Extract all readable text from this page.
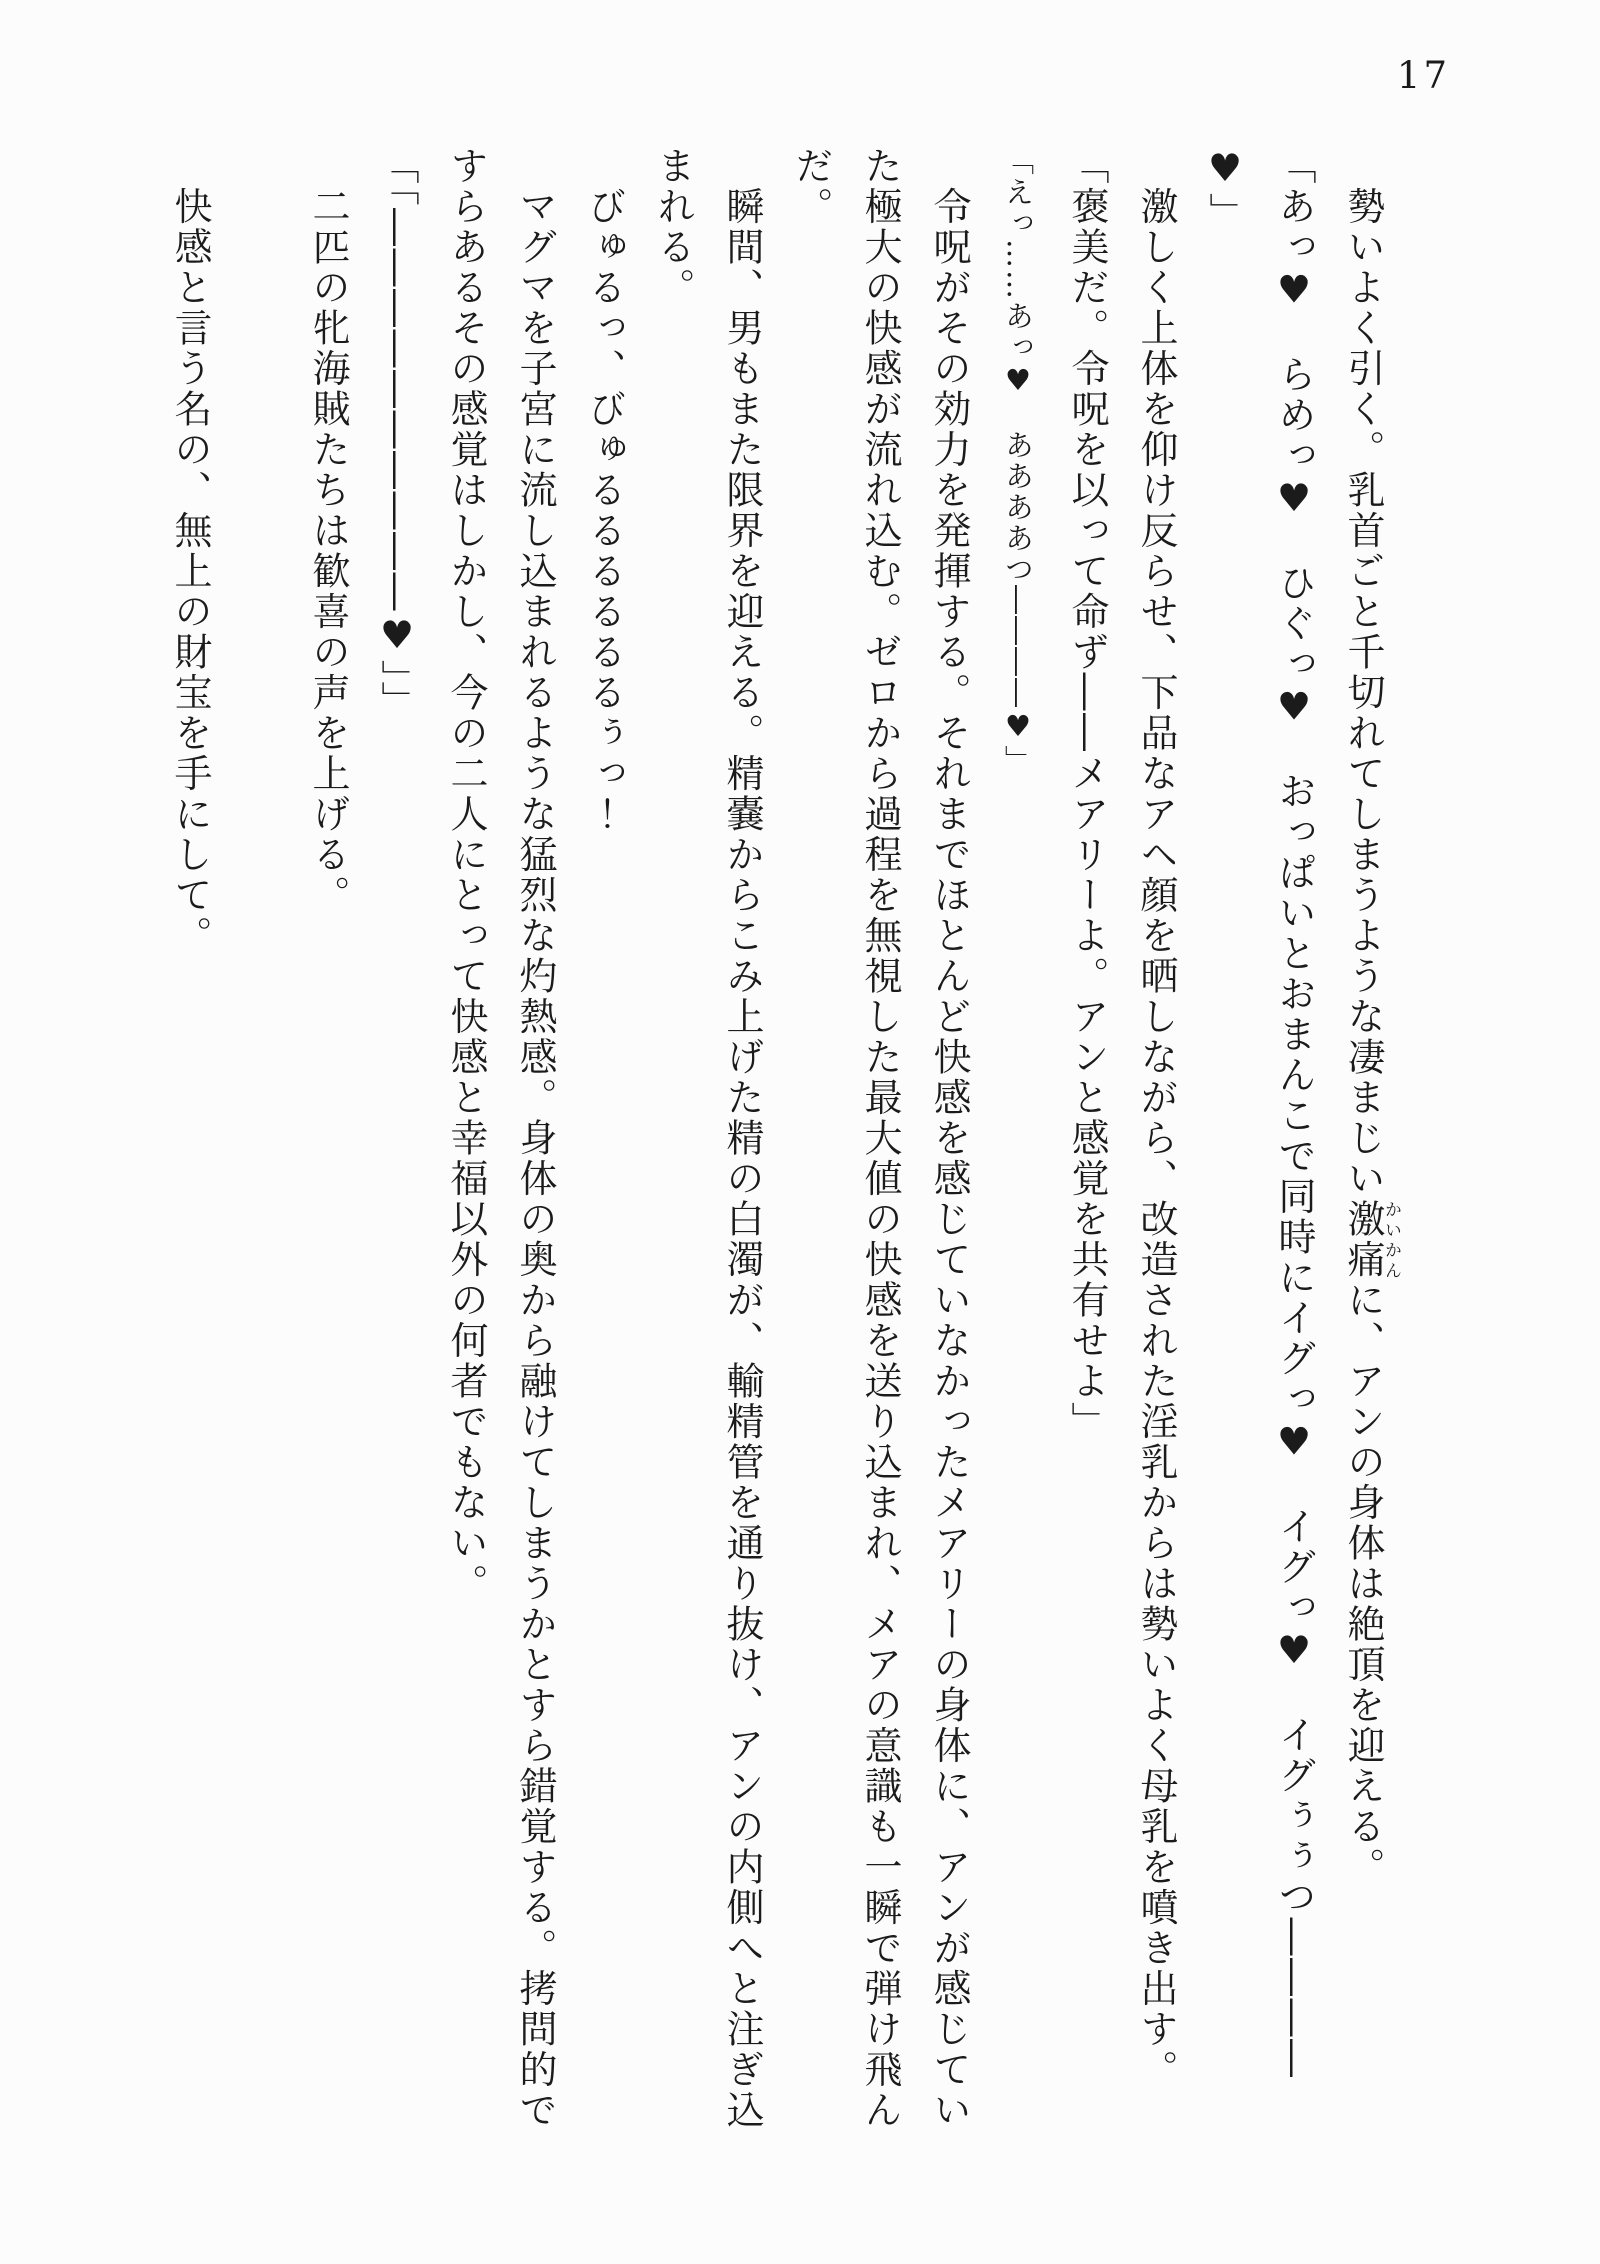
17

　勢いよく引く。乳首ごと千切れてしまうような凄まじい激痛かいかんに、アンの身体は絶頂を迎える。

「あっ♥　らめっ♥　ひぐっ♥　おっぱいとおまんこで同時にイグっ♥　イグっ♥　イグぅぅつ――――

♥」

　激しく上体を仰け反らせ、下品なアヘ顔を晒しながら、改造された淫乳からは勢いよく母乳を噴き出す。

「褒美だ。令呪を以って命ず――メアリーよ。アンと感覚を共有せよ」

「えっ……あっ♥　ああああつ――――♥」

　令呪がその効力を発揮する。それまでほとんど快感を感じていなかったメアリーの身体に、アンが感じてい

た極大の快感が流れ込む。ゼロから過程を無視した最大値の快感を送り込まれ、メアの意識も一瞬で弾け飛ん

だ。

　瞬間、男もまた限界を迎える。精嚢からこみ上げた精の白濁が、輸精管を通り抜け、アンの内側へと注ぎ込

まれる。

　びゅるっ、びゅるるるるるるぅっ！

　マグマを子宮に流し込まれるような猛烈な灼熱感。身体の奥から融けてしまうかとすら錯覚する。拷問的で

すらあるその感覚はしかし、今の二人にとって快感と幸福以外の何者でもない。

「「――――――――――♥」」

　二匹の牝海賊たちは歓喜の声を上げる。

　快感と言う名の、無上の財宝を手にして。
